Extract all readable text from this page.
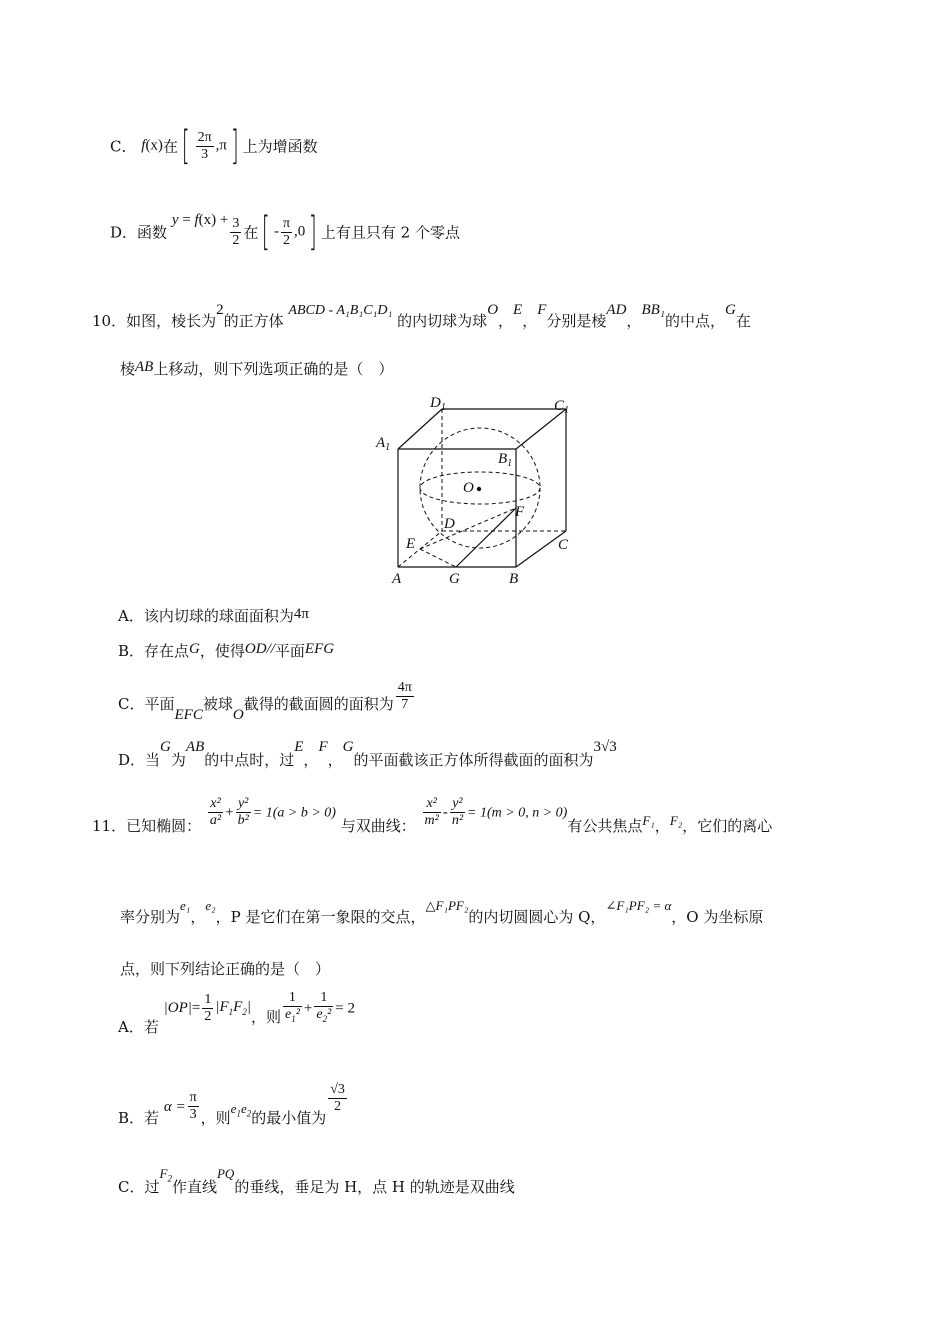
C． f(x)在[ $\frac{2\pi}{3} ,\pi$] 上为增函数
D．函数 $y = f(x) + \frac{3}{2}$ 在[ - $\frac{\pi}{2} ,0$] 上有且只有 2 个零点
10．如图，棱长为2的正方体 ABCD - A₁B₁C₁D₁ 的内切球为球O，E，F分别是棱AD，BB₁的中点，G在
棱AB上移动，则下列选项正确的是（　）
$D_1$	$C_1$
$A_1$
$B_1$
O
D
F
E	C
A	G	B
A．该内切球的球面面积为4π
B．存在点G，使得OD//平面EFG
C．平面EFC被球O截得的截面圆的面积为 $\frac{4\pi}{7}$
D．当G为AB的中点时，过E，F，G的平面截该正方体所得截面的面积为3√3
11．已知椭圆： $\frac{\text{x²}}{\text{a²}} + \frac{\text{y²}}{\text{b²}} = 1(a > b > 0)$ 与双曲线： $\frac{\text{x²}}{\text{m²}} - \frac{\text{y²}}{\text{n²}} = 1(m > 0$, n > 0)有公共焦点F₁，F₂，它们的离心
率分别为e₁，e₂，P 是它们在第一象限的交点，△F₁PF₂的内切圆圆心为 Q，∠F₁PF₂ = α，O 为坐标原
点，则下列结论正确的是（　）
A．若 $|OP|= \frac{1}{2} |F_1F_2|$，则 $\frac{1}{e_1^2} + \frac{1}{e_2^2} = 2$
B．若 $\alpha = \frac{\pi}{3}$ ，则$e_1e_2$的最小值为
$\frac{√3}{2}$
C．过$F_2$作直线PQ的垂线，垂足为 H，点 H 的轨迹是双曲线
